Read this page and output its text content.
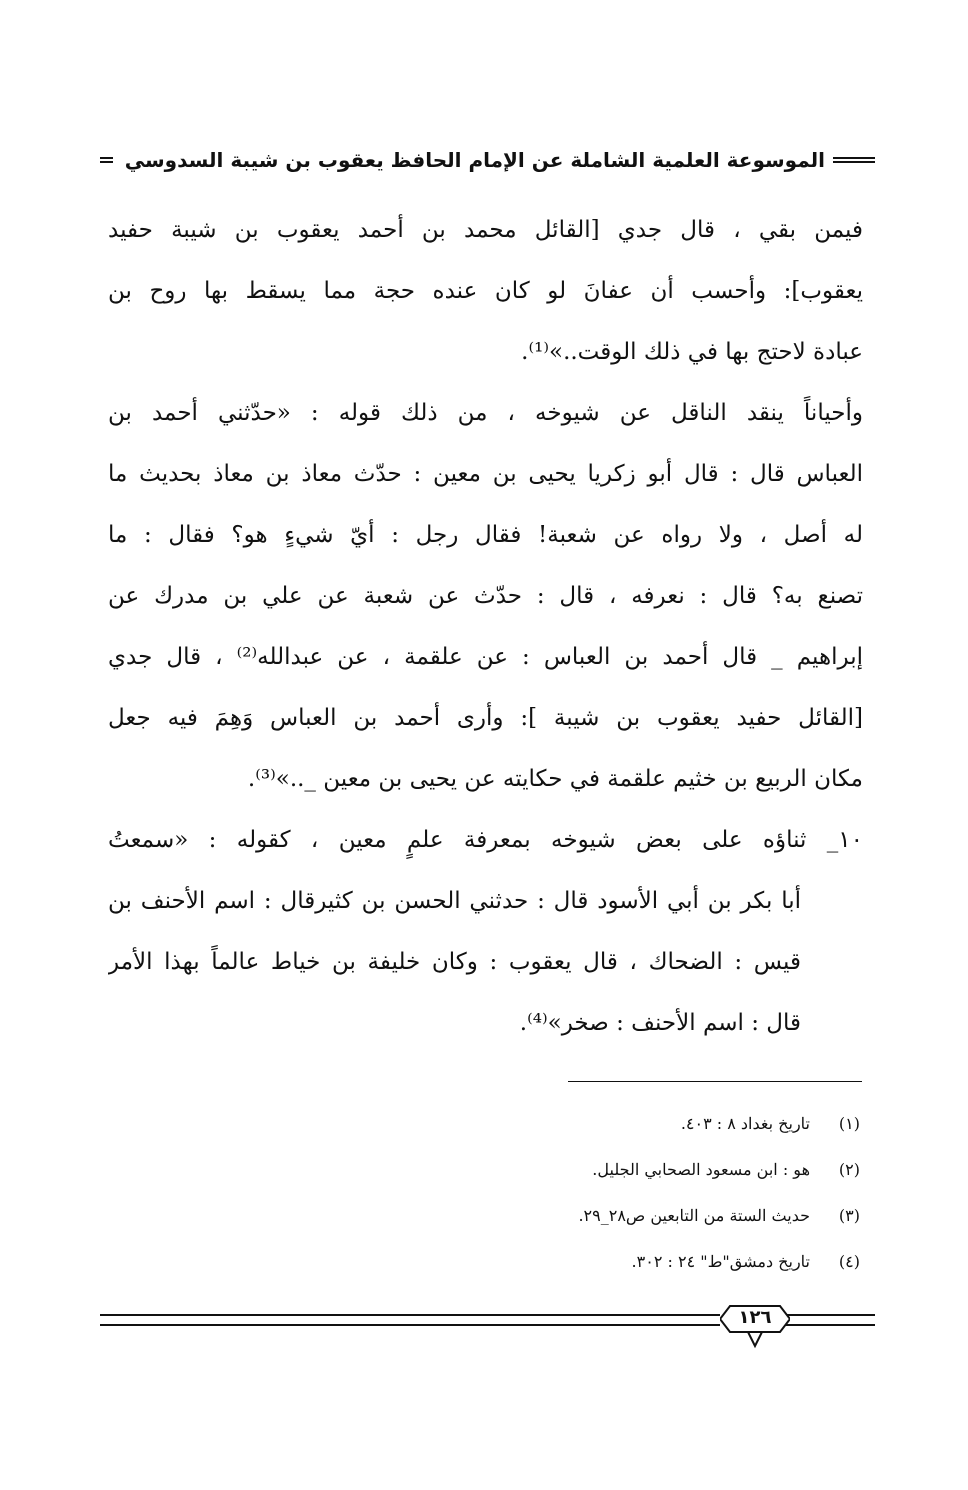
الموسوعة العلمية الشاملة عن الإمام الحافظ يعقوب بن شيبة السدوسي
فيمن بقي ، قال جدي [القائل محمد بن أحمد يعقوب بن شيبة حفيد
يعقوب]: وأحسب أن عفانَ لو كان عنده حجة مما يسقط بها روح بن
عبادة لاحتج بها في ذلك الوقت..»⁽¹⁾.
وأحياناً ينقد الناقل عن شيوخه ، من ذلك قوله : «حدّثني أحمد بن
العباس قال : قال أبو زكريا يحيى بن معين : حدّث معاذ بن معاذ بحديث ما
له أصل ، ولا رواه عن شعبة! فقال رجل : أيّ شيءٍ هو؟ فقال : ما
تصنع به؟ قال : نعرفه ، قال : حدّث عن شعبة عن علي بن مدرك عن
إبراهيم _ قال أحمد بن العباس : عن علقمة ، عن عبدالله⁽²⁾ ، قال جدي
[القائل حفيد يعقوب بن شيبة ]: وأرى أحمد بن العباس وَهِمَ فيه جعل
مكان الربيع بن خثيم علقمة في حكايته عن يحيى بن معين _..»⁽³⁾.
١٠_ ثناؤه على بعض شيوخه بمعرفة علمٍ معين ، كقوله : «سمعتُ
أبا بكر بن أبي الأسود قال : حدثني الحسن بن كثيرقال : اسم الأحنف بن
قيس : الضحاك ، قال يعقوب : وكان خليفة بن خياط عالماً بهذا الأمر
قال : اسم الأحنف : صخر»⁽⁴⁾.
(١)تاريخ بغداد ٨ : ٤٠٣.
(٢)هو : ابن مسعود الصحابي الجليل.
(٣)حديث الستة من التابعين ص٢٨_٢٩.
(٤)تاريخ دمشق"ط" ٢٤ : ٣٠٢.
١٢٦
